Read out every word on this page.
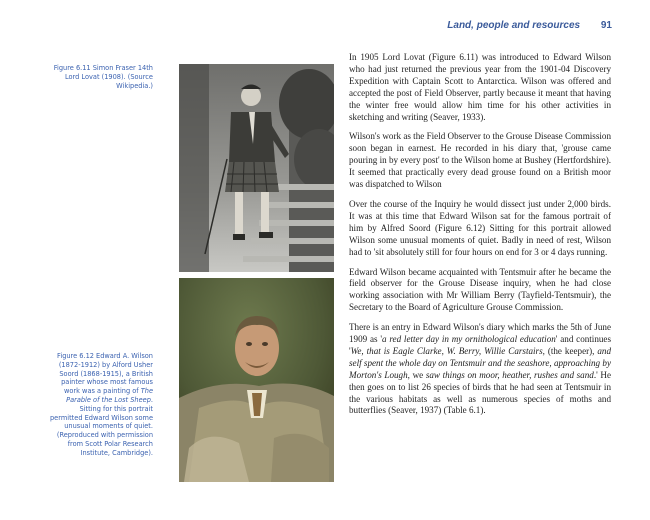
Land, people and resources 91
Figure 6.11 Simon Fraser 14th Lord Lovat (1908). (Source Wikipedia.)
Figure 6.12 Edward A. Wilson (1872-1912) by Alford Usher Soord (1868-1915), a British painter whose most famous work was a painting of The Parable of the Lost Sheep. Sitting for this portrait permitted Edward Wilson some unusual moments of quiet. (Reproduced with permission from Scott Polar Research Institute, Cambridge).

In 1905 Lord Lovat (Figure 6.11) was introduced to Edward Wilson who had just returned the previous year from the 1901-04 Discovery Expedition with Captain Scott to Antarctica. Wilson was offered and accepted the post of Field Observer, partly because it meant that having the winter free would allow him time for his other activities in sketching and writing (Seaver, 1933).

Wilson's work as the Field Observer to the Grouse Disease Commission soon began in earnest. He recorded in his diary that, 'grouse came pouring in by every post' to the Wilson home at Bushey (Hertfordshire). It seemed that practically every dead grouse found on a British moor was dispatched to Wilson

Over the course of the Inquiry he would dissect just under 2,000 birds. It was at this time that Edward Wilson sat for the famous portrait of him by Alfred Soord (Figure 6.12) Sitting for this portrait allowed Wilson some unusual moments of quiet. Badly in need of rest, Wilson had to 'sit absolutely still for four hours on end for 3 or 4 days running.

Edward Wilson became acquainted with Tentsmuir after he became the field observer for the Grouse Disease inquiry, when he had close working association with Mr William Berry (Tayfield-Tentsmuir), the Secretary to the Board of Agriculture Grouse Commission.

There is an entry in Edward Wilson's diary which marks the 5th of June 1909 as 'a red letter day in my ornithological education' and continues 'We, that is Eagle Clarke, W. Berry, Willie Carstairs, (the keeper), and self spent the whole day on Tentsmuir and the seashore, approaching by Morton's Lough, we saw things on moor, heather, rushes and sand.' He then goes on to list 26 species of birds that he had seen at Tentsmuir in the various habitats as well as numerous species of moths and butterflies (Seaver, 1937) (Table 6.1).
